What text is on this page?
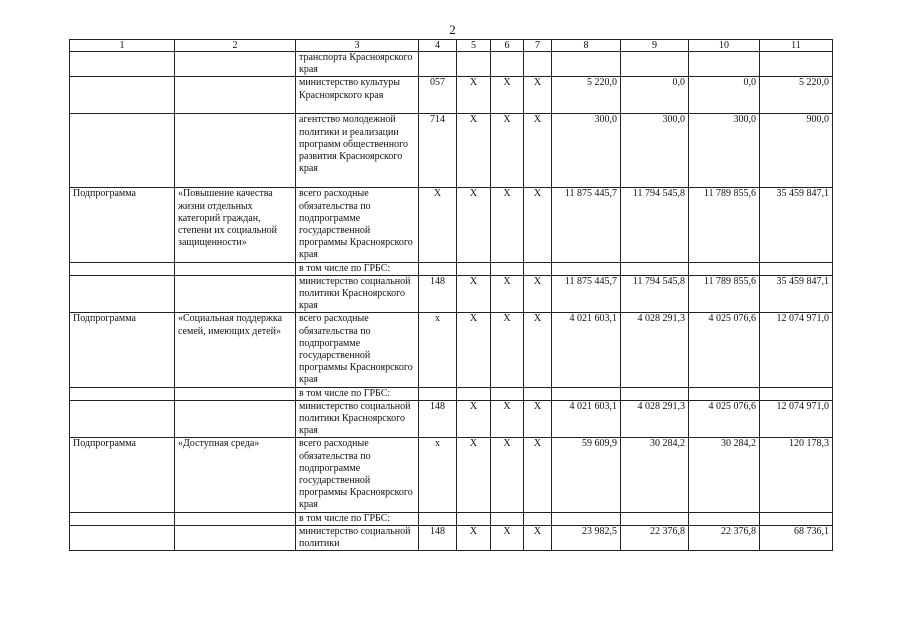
2
1	2	3	4	5	6	7	8	9	10	11
		транспорта Красноярского края								
		министерство культуры Красноярского края	057	Х	Х	Х	5 220,0	0,0	0,0	5 220,0
		агентство молодежной политики и реализации программ общественного развития Красноярского края	714	Х	Х	Х	300,0	300,0	300,0	900,0
Подпрограмма	«Повышение качества жизни отдельных категорий граждан, степени их социальной защищенности»	всего расходные обязательства по подпрограмме государственной программы Красноярского края	Х	Х	Х	Х	11 875 445,7	11 794 545,8	11 789 855,6	35 459 847,1
		в том числе по ГРБС:								
		министерство социальной политики Красноярского края	148	Х	Х	Х	11 875 445,7	11 794 545,8	11 789 855,6	35 459 847,1
Подпрограмма	«Социальная поддержка семей, имеющих детей»	всего расходные обязательства по подпрограмме государственной программы Красноярского края	х	Х	Х	Х	4 021 603,1	4 028 291,3	4 025 076,6	12 074 971,0
		в том числе по ГРБС:								
		министерство социальной политики Красноярского края	148	Х	Х	Х	4 021 603,1	4 028 291,3	4 025 076,6	12 074 971,0
Подпрограмма	«Доступная среда»	всего расходные обязательства по подпрограмме государственной программы Красноярского края	х	Х	Х	Х	59 609,9	30 284,2	30 284,2	120 178,3
		в том числе по ГРБС:								
		министерство социальной политики	148	Х	Х	Х	23 982,5	22 376,8	22 376,8	68 736,1
